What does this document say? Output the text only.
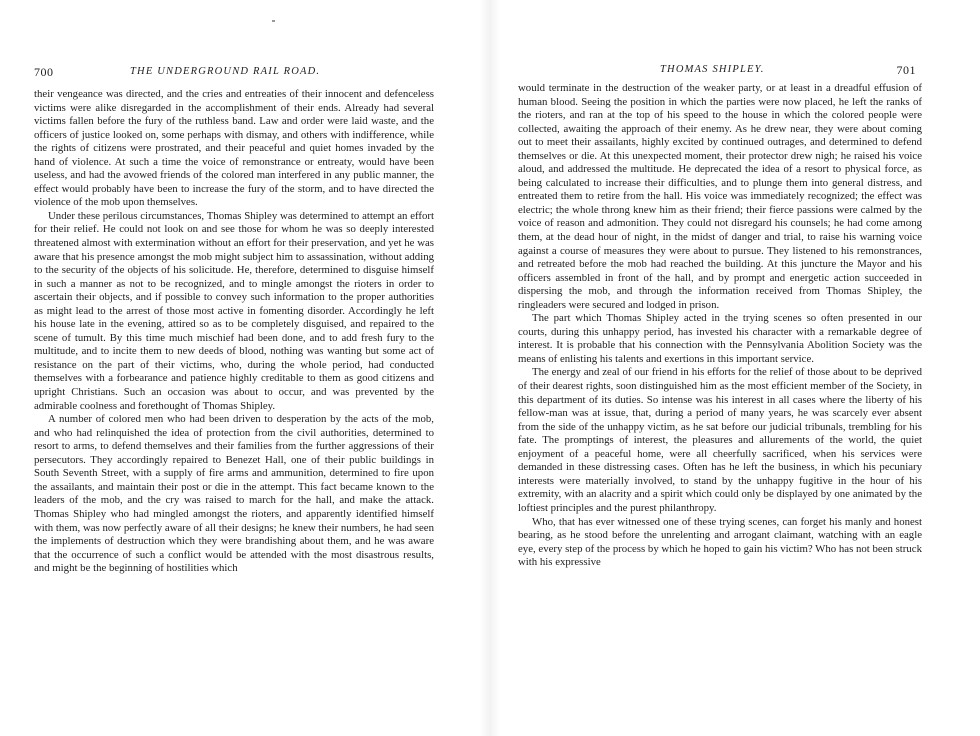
700	THE UNDERGROUND RAIL ROAD.

their vengeance was directed, and the cries and entreaties of their innocent and defenceless victims were alike disregarded in the accomplishment of their ends. Already had several victims fallen before the fury of the ruthless band. Law and order were laid waste, and the officers of justice looked on, some perhaps with dismay, and others with indifference, while the rights of citizens were prostrated, and their peaceful and quiet homes invaded by the hand of violence. At such a time the voice of remonstrance or entreaty, would have been useless, and had the avowed friends of the colored man interfered in any public manner, the effect would probably have been to increase the fury of the storm, and to have directed the violence of the mob upon themselves.

Under these perilous circumstances, Thomas Shipley was determined to attempt an effort for their relief. He could not look on and see those for whom he was so deeply interested threatened almost with extermination without an effort for their preservation, and yet he was aware that his presence amongst the mob might subject him to assassination, without adding to the security of the objects of his solicitude. He, therefore, determined to disguise himself in such a manner as not to be recognized, and to mingle amongst the rioters in order to ascertain their objects, and if possible to convey such information to the proper authorities as might lead to the arrest of those most active in fomenting disorder. Accordingly he left his house late in the evening, attired so as to be completely disguised, and repaired to the scene of tumult. By this time much mischief had been done, and to add fresh fury to the multitude, and to incite them to new deeds of blood, nothing was wanting but some act of resistance on the part of their victims, who, during the whole period, had conducted themselves with a forbearance and patience highly creditable to them as good citizens and upright Christians. Such an occasion was about to occur, and was prevented by the admirable coolness and forethought of Thomas Shipley.

A number of colored men who had been driven to desperation by the acts of the mob, and who had relinquished the idea of protection from the civil authorities, determined to resort to arms, to defend themselves and their families from the further aggressions of their persecutors. They accordingly repaired to Benezet Hall, one of their public buildings in South Seventh Street, with a supply of fire arms and ammunition, determined to fire upon the assailants, and maintain their post or die in the attempt. This fact became known to the leaders of the mob, and the cry was raised to march for the hall, and make the attack. Thomas Shipley who had mingled amongst the rioters, and apparently identified himself with them, was now perfectly aware of all their designs; he knew their numbers, he had seen the implements of destruction which they were brandishing about them, and he was aware that the occurrence of such a conflict would be attended with the most disastrous results, and might be the beginning of hostilities which

THOMAS SHIPLEY.	701

would terminate in the destruction of the weaker party, or at least in a dreadful effusion of human blood. Seeing the position in which the parties were now placed, he left the ranks of the rioters, and ran at the top of his speed to the house in which the colored people were collected, awaiting the approach of their enemy. As he drew near, they were about coming out to meet their assailants, highly excited by continued outrages, and determined to defend themselves or die. At this unexpected moment, their protector drew nigh; he raised his voice aloud, and addressed the multitude. He deprecated the idea of a resort to physical force, as being calculated to increase their difficulties, and to plunge them into general distress, and entreated them to retire from the hall. His voice was immediately recognized; the effect was electric; the whole throng knew him as their friend; their fierce passions were calmed by the voice of reason and admonition. They could not disregard his counsels; he had come among them, at the dead hour of night, in the midst of danger and trial, to raise his warning voice against a course of measures they were about to pursue. They listened to his remonstrances, and retreated before the mob had reached the building. At this juncture the Mayor and his officers assembled in front of the hall, and by prompt and energetic action succeeded in dispersing the mob, and through the information received from Thomas Shipley, the ringleaders were secured and lodged in prison.

The part which Thomas Shipley acted in the trying scenes so often presented in our courts, during this unhappy period, has invested his character with a remarkable degree of interest. It is probable that his connection with the Pennsylvania Abolition Society was the means of enlisting his talents and exertions in this important service.

The energy and zeal of our friend in his efforts for the relief of those about to be deprived of their dearest rights, soon distinguished him as the most efficient member of the Society, in this department of its duties. So intense was his interest in all cases where the liberty of his fellow-man was at issue, that, during a period of many years, he was scarcely ever absent from the side of the unhappy victim, as he sat before our judicial tribunals, trembling for his fate. The promptings of interest, the pleasures and allurements of the world, the quiet enjoyment of a peaceful home, were all cheerfully sacrificed, when his services were demanded in these distressing cases. Often has he left the business, in which his pecuniary interests were materially involved, to stand by the unhappy fugitive in the hour of his extremity, with an alacrity and a spirit which could only be displayed by one animated by the loftiest principles and the purest philanthropy.

Who, that has ever witnessed one of these trying scenes, can forget his manly and honest bearing, as he stood before the unrelenting and arrogant claimant, watching with an eagle eye, every step of the process by which he hoped to gain his victim? Who has not been struck with his expressive
